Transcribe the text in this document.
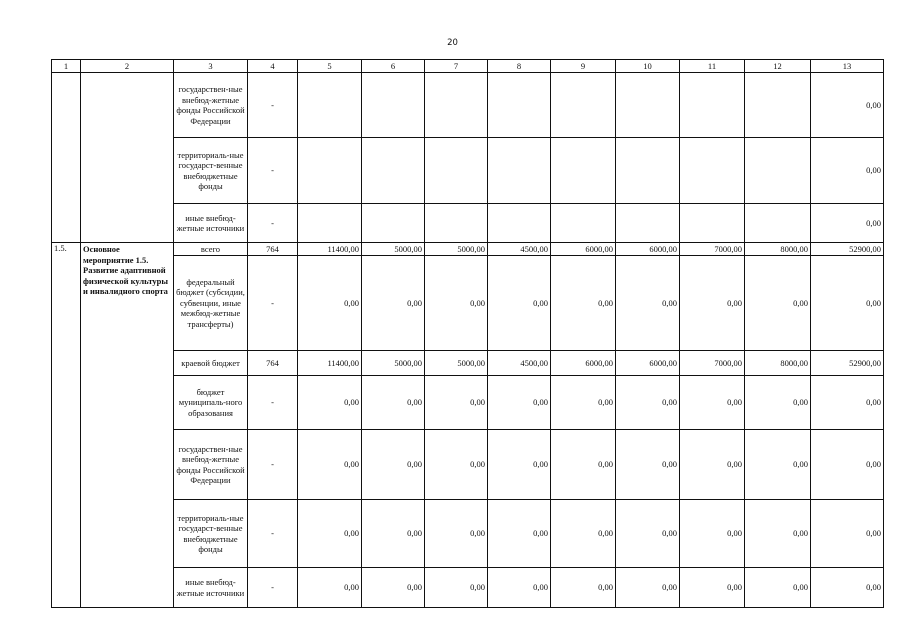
20
1	2	3	4	5	6	7	8	9	10	11	12	13
		государствен-ные внебюд-жетные фонды Российской Федерации	-									0,00
		территориаль-ные государст-венные внебюджетные фонды	-									0,00
		иные внебюд-жетные источники	-									0,00
1.5.	Основное мероприятие 1.5. Развитие адаптивной физической культуры и инвалидного спорта	всего	764	11400,00	5000,00	5000,00	4500,00	6000,00	6000,00	7000,00	8000,00	52900,00
		федеральный бюджет (субсидии, субвенции, иные межбюд-жетные трансферты)	-	0,00	0,00	0,00	0,00	0,00	0,00	0,00	0,00	0,00
		краевой бюджет	764	11400,00	5000,00	5000,00	4500,00	6000,00	6000,00	7000,00	8000,00	52900,00
		бюджет муниципаль-ного образования	-	0,00	0,00	0,00	0,00	0,00	0,00	0,00	0,00	0,00
		государствен-ные внебюд-жетные фонды Российской Федерации	-	0,00	0,00	0,00	0,00	0,00	0,00	0,00	0,00	0,00
		территориаль-ные государст-венные внебюджетные фонды	-	0,00	0,00	0,00	0,00	0,00	0,00	0,00	0,00	0,00
		иные внебюд-жетные источники	-	0,00	0,00	0,00	0,00	0,00	0,00	0,00	0,00	0,00
